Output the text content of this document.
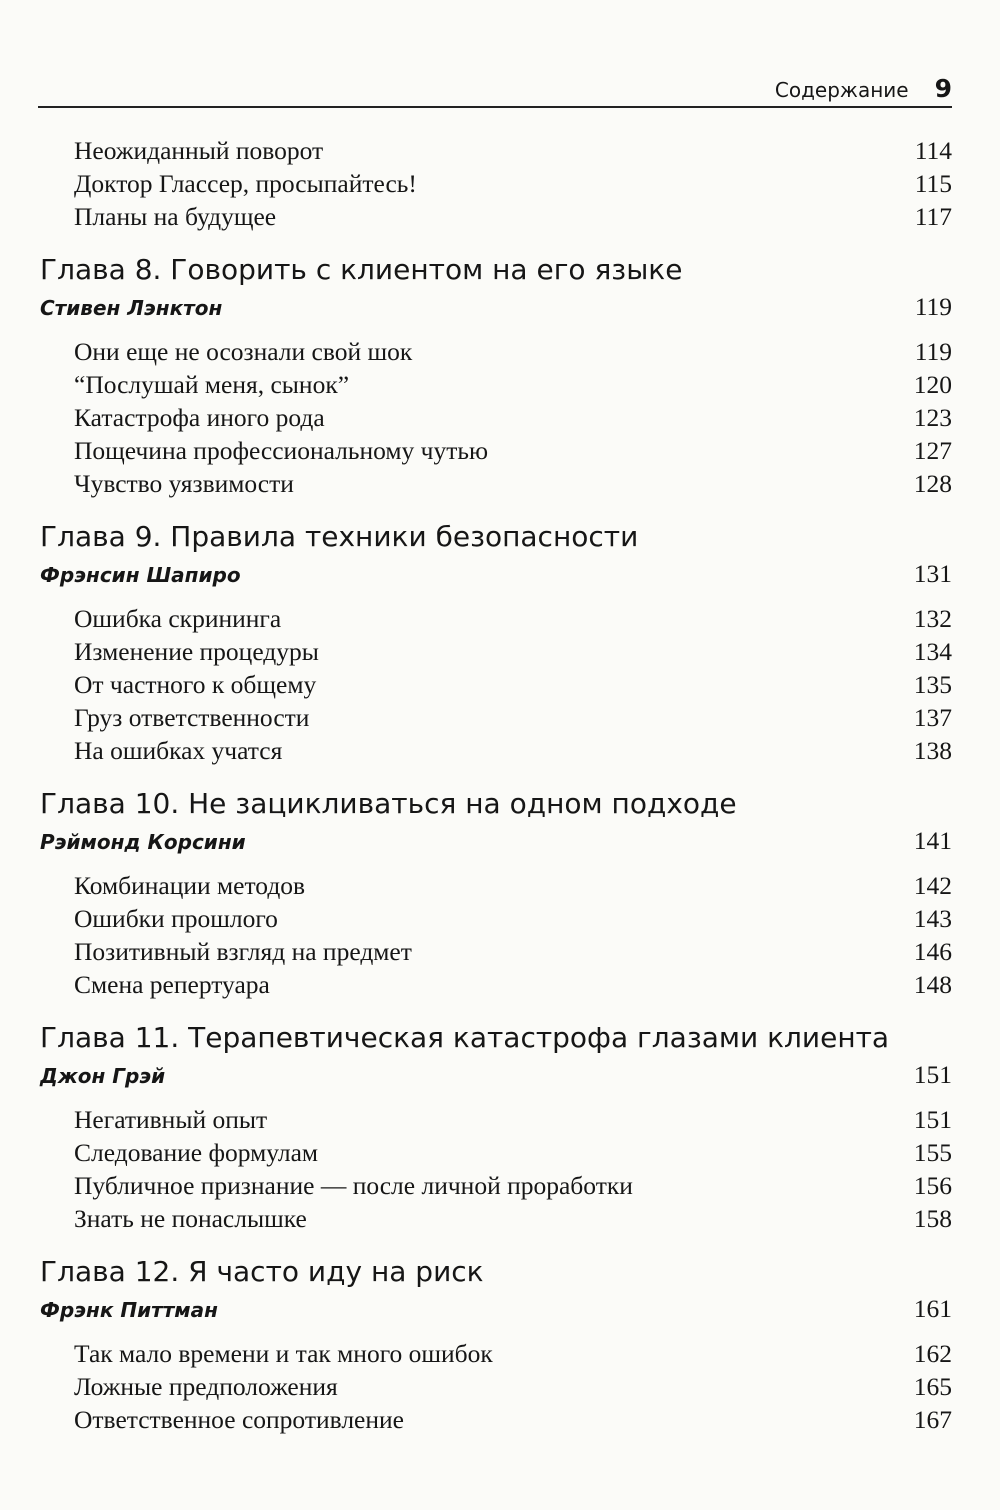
Содержание 9
Неожиданный поворот	114
Доктор Глассер, просыпайтесь!	115
Планы на будущее	117
Глава 8. Говорить с клиентом на его языке
Стивен Лэнктон	119
Они еще не осознали свой шок	119
“Послушай меня, сынок”	120
Катастрофа иного рода	123
Пощечина профессиональному чутью	127
Чувство уязвимости	128
Глава 9. Правила техники безопасности
Фрэнсин Шапиро	131
Ошибка скрининга	132
Изменение процедуры	134
От частного к общему	135
Груз ответственности	137
На ошибках учатся	138
Глава 10. Не зацикливаться на одном подходе
Рэймонд Корсини	141
Комбинации методов	142
Ошибки прошлого	143
Позитивный взгляд на предмет	146
Смена репертуара	148
Глава 11. Терапевтическая катастрофа глазами клиента
Джон Грэй	151
Негативный опыт	151
Следование формулам	155
Публичное признание — после личной проработки	156
Знать не понаслышке	158
Глава 12. Я часто иду на риск
Фрэнк Питтман	161
Так мало времени и так много ошибок	162
Ложные предположения	165
Ответственное сопротивление	167
